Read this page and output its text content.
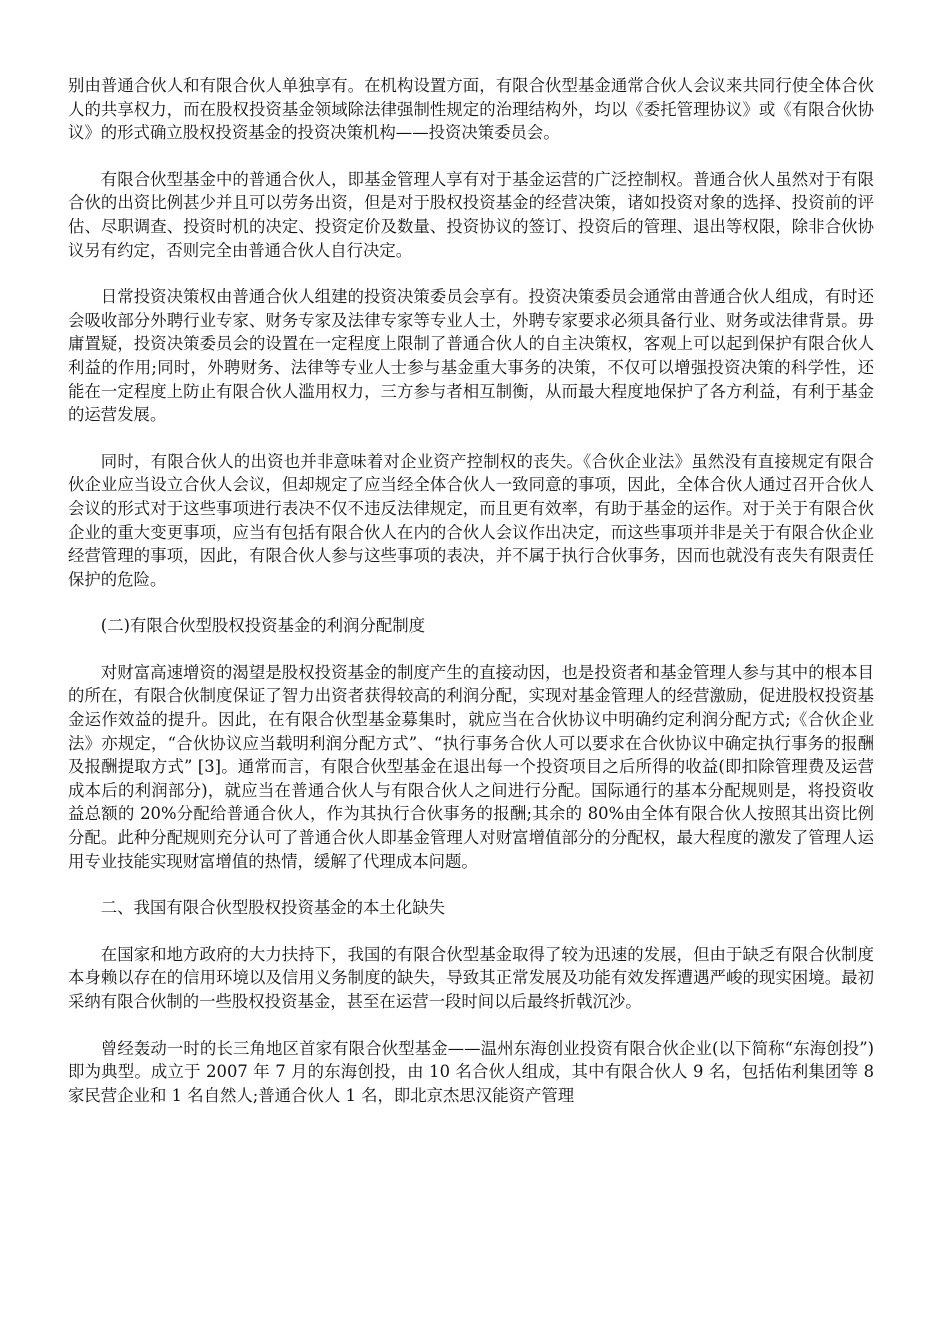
别由普通合伙人和有限合伙人单独享有。在机构设置方面，有限合伙型基金通常合伙人会议来共同行使全体合伙人的共享权力，而在股权投资基金领域除法律强制性规定的治理结构外，均以《委托管理协议》或《有限合伙协议》的形式确立股权投资基金的投资决策机构——投资决策委员会。

有限合伙型基金中的普通合伙人，即基金管理人享有对于基金运营的广泛控制权。普通合伙人虽然对于有限合伙的出资比例甚少并且可以劳务出资，但是对于股权投资基金的经营决策，诸如投资对象的选择、投资前的评估、尽职调查、投资时机的决定、投资定价及数量、投资协议的签订、投资后的管理、退出等权限，除非合伙协议另有约定，否则完全由普通合伙人自行决定。

日常投资决策权由普通合伙人组建的投资决策委员会享有。投资决策委员会通常由普通合伙人组成，有时还会吸收部分外聘行业专家、财务专家及法律专家等专业人士，外聘专家要求必须具备行业、财务或法律背景。毋庸置疑，投资决策委员会的设置在一定程度上限制了普通合伙人的自主决策权，客观上可以起到保护有限合伙人利益的作用;同时，外聘财务、法律等专业人士参与基金重大事务的决策，不仅可以增强投资决策的科学性，还能在一定程度上防止有限合伙人滥用权力，三方参与者相互制衡，从而最大程度地保护了各方利益，有利于基金的运营发展。

同时，有限合伙人的出资也并非意味着对企业资产控制权的丧失。《合伙企业法》虽然没有直接规定有限合伙企业应当设立合伙人会议，但却规定了应当经全体合伙人一致同意的事项，因此，全体合伙人通过召开合伙人会议的形式对于这些事项进行表决不仅不违反法律规定，而且更有效率，有助于基金的运作。对于关于有限合伙企业的重大变更事项，应当有包括有限合伙人在内的合伙人会议作出决定，而这些事项并非是关于有限合伙企业经营管理的事项，因此，有限合伙人参与这些事项的表决，并不属于执行合伙事务，因而也就没有丧失有限责任保护的危险。

(二)有限合伙型股权投资基金的利润分配制度

对财富高速增资的渴望是股权投资基金的制度产生的直接动因，也是投资者和基金管理人参与其中的根本目的所在，有限合伙制度保证了智力出资者获得较高的利润分配，实现对基金管理人的经营激励，促进股权投资基金运作效益的提升。因此，在有限合伙型基金募集时，就应当在合伙协议中明确约定利润分配方式;《合伙企业法》亦规定，“合伙协议应当载明利润分配方式”、“执行事务合伙人可以要求在合伙协议中确定执行事务的报酬及报酬提取方式” [3]。通常而言，有限合伙型基金在退出每一个投资项目之后所得的收益(即扣除管理费及运营成本后的利润部分)，就应当在普通合伙人与有限合伙人之间进行分配。国际通行的基本分配规则是，将投资收益总额的 20%分配给普通合伙人，作为其执行合伙事务的报酬;其余的 80%由全体有限合伙人按照其出资比例分配。此种分配规则充分认可了普通合伙人即基金管理人对财富增值部分的分配权，最大程度的激发了管理人运用专业技能实现财富增值的热情，缓解了代理成本问题。

二、我国有限合伙型股权投资基金的本土化缺失

在国家和地方政府的大力扶持下，我国的有限合伙型基金取得了较为迅速的发展，但由于缺乏有限合伙制度本身赖以存在的信用环境以及信用义务制度的缺失，导致其正常发展及功能有效发挥遭遇严峻的现实困境。最初采纳有限合伙制的一些股权投资基金，甚至在运营一段时间以后最终折戟沉沙。

曾经轰动一时的长三角地区首家有限合伙型基金——温州东海创业投资有限合伙企业(以下简称“东海创投”)即为典型。成立于 2007 年 7 月的东海创投，由 10 名合伙人组成，其中有限合伙人 9 名，包括佑利集团等 8 家民营企业和 1 名自然人;普通合伙人 1 名，即北京杰思汉能资产管理
